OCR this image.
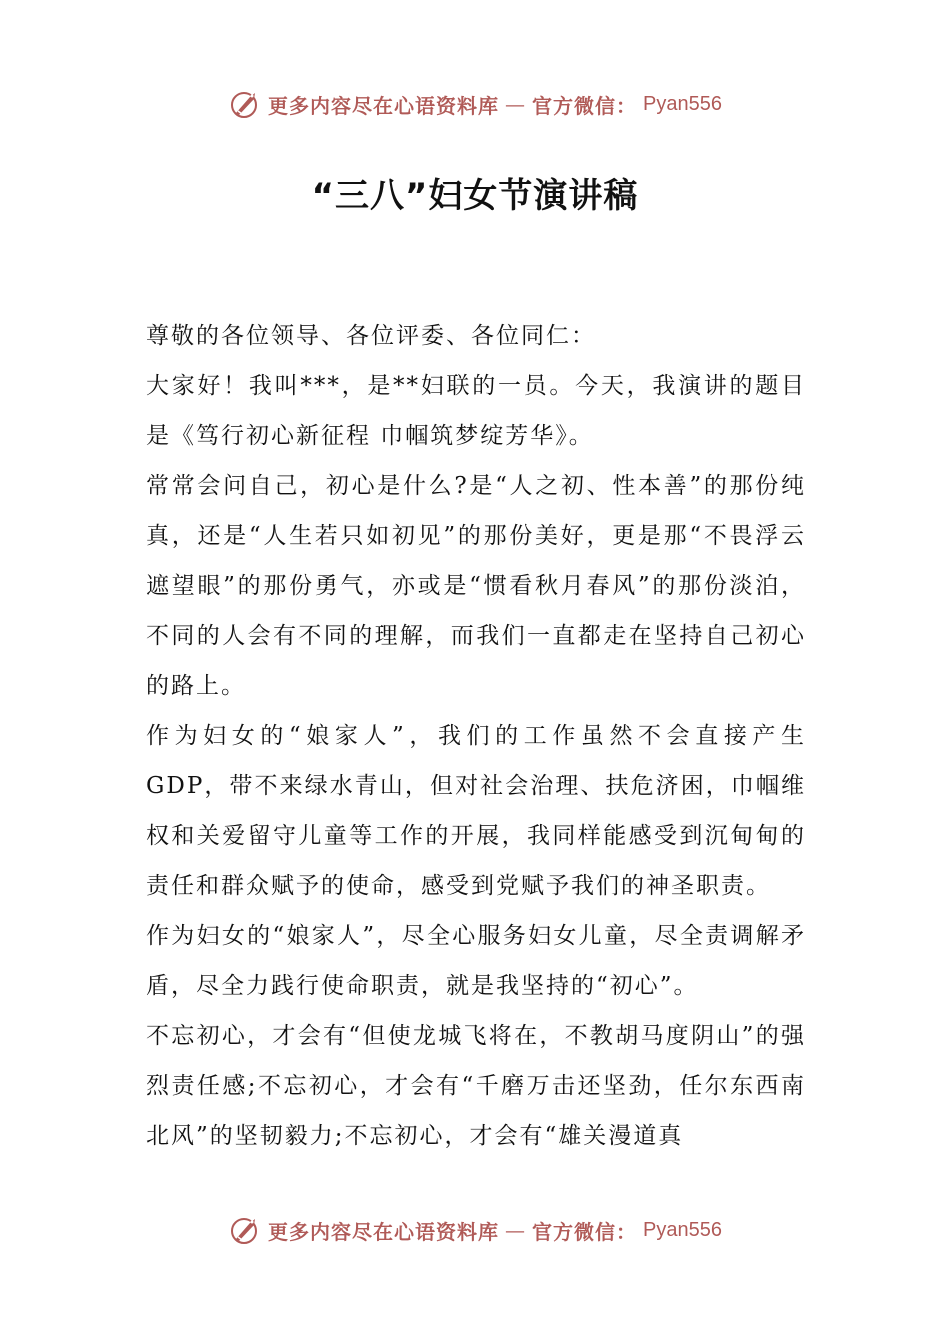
更多内容尽在心语资料库 — 官方微信： Pyan556
“三八”妇女节演讲稿

尊敬的各位领导、各位评委、各位同仁：

大家好！我叫***，是**妇联的一员。今天，我演讲的题目是《笃行初心新征程 巾帼筑梦绽芳华》。

常常会问自己，初心是什么?是“人之初、性本善”的那份纯真，还是“人生若只如初见”的那份美好，更是那“不畏浮云遮望眼”的那份勇气，亦或是“惯看秋月春风”的那份淡泊，不同的人会有不同的理解，而我们一直都走在坚持自己初心的路上。

作为妇女的“娘家人”，我们的工作虽然不会直接产生GDP，带不来绿水青山，但对社会治理、扶危济困，巾帼维权和关爱留守儿童等工作的开展，我同样能感受到沉甸甸的责任和群众赋予的使命，感受到党赋予我们的神圣职责。

作为妇女的“娘家人”，尽全心服务妇女儿童，尽全责调解矛盾，尽全力践行使命职责，就是我坚持的“初心”。

不忘初心，才会有“但使龙城飞将在，不教胡马度阴山”的强烈责任感;不忘初心，才会有“千磨万击还坚劲，任尔东西南北风”的坚韧毅力;不忘初心，才会有“雄关漫道真

更多内容尽在心语资料库 — 官方微信： Pyan556
